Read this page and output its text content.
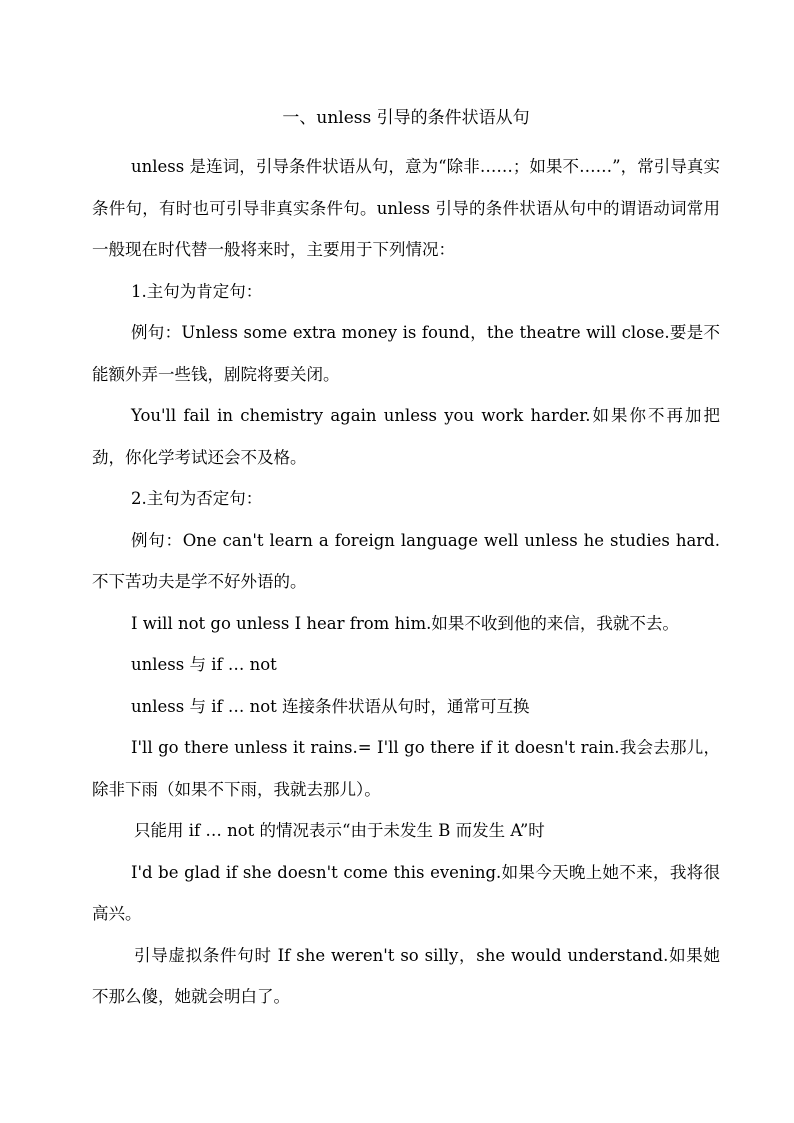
一、unless 引导的条件状语从句

unless 是连词，引导条件状语从句，意为“除非……；如果不……”，常引导真实条件句，有时也可引导非真实条件句。unless 引导的条件状语从句中的谓语动词常用一般现在时代替一般将来时，主要用于下列情况：

1.主句为肯定句：

例句：Unless some extra money is found，the theatre will close.要是不能额外弄一些钱，剧院将要关闭。

You'll fail in chemistry again unless you work harder.如果你不再加把劲，你化学考试还会不及格。

2.主句为否定句：

例句：One can't learn a foreign language well unless he studies hard.不下苦功夫是学不好外语的。

I will not go unless I hear from him.如果不收到他的来信，我就不去。

unless 与 if … not

unless 与 if … not 连接条件状语从句时，通常可互换

I'll go there unless it rains.= I'll go there if it doesn't rain.我会去那儿，除非下雨（如果不下雨，我就去那儿）。

只能用 if … not 的情况表示“由于未发生 B 而发生 A”时

I'd be glad if she doesn't come this evening.如果今天晚上她不来，我将很高兴。

引导虚拟条件句时 If she weren't so silly，she would understand.如果她不那么傻，她就会明白了。
